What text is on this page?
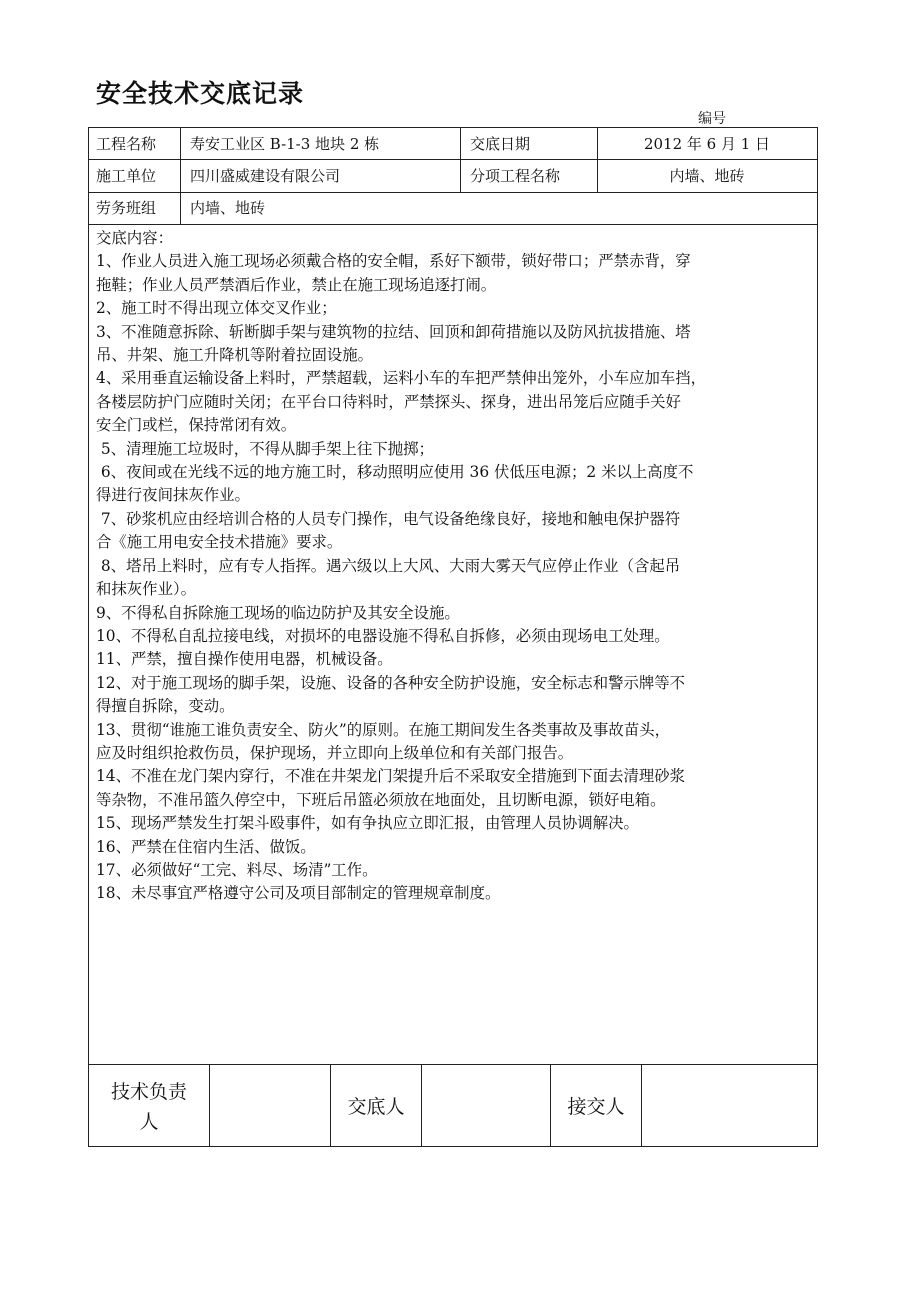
安全技术交底记录
编号
工程名称 寿安工业区 B-1-3 地块 2 栋	交底日期	2012 年 6 月 1 日
施工单位 四川盛威建设有限公司	分项工程名称	内墙、地砖
劳务班组 内墙、地砖
交底内容：
1、作业人员进入施工现场必须戴合格的安全帽，系好下额带，锁好带口；严禁赤背，穿
拖鞋；作业人员严禁酒后作业，禁止在施工现场追逐打闹。
2、施工时不得出现立体交叉作业；
3、不准随意拆除、斩断脚手架与建筑物的拉结、回顶和卸荷措施以及防风抗拔措施、塔
吊、井架、施工升降机等附着拉固设施。
4、采用垂直运输设备上料时，严禁超载，运料小车的车把严禁伸出笼外，小车应加车挡，
各楼层防护门应随时关闭；在平台口待料时，严禁探头、探身，进出吊笼后应随手关好
安全门或栏，保持常闭有效。
5、清理施工垃圾时，不得从脚手架上往下抛掷；
6、夜间或在光线不远的地方施工时，移动照明应使用 36 伏低压电源；2 米以上高度不
得进行夜间抹灰作业。
7、砂浆机应由经培训合格的人员专门操作，电气设备绝缘良好，接地和触电保护器符
合《施工用电安全技术措施》要求。
8、塔吊上料时，应有专人指挥。遇六级以上大风、大雨大雾天气应停止作业（含起吊
和抹灰作业）。
9、不得私自拆除施工现场的临边防护及其安全设施。
10、不得私自乱拉接电线，对损坏的电器设施不得私自拆修，必须由现场电工处理。
11、严禁，擅自操作使用电器，机械设备。
12、对于施工现场的脚手架，设施、设备的各种安全防护设施，安全标志和警示牌等不
得擅自拆除，变动。
13、贯彻“谁施工谁负责安全、防火”的原则。在施工期间发生各类事故及事故苗头，
应及时组织抢救伤员，保护现场，并立即向上级单位和有关部门报告。
14、不准在龙门架内穿行，不准在井架龙门架提升后不采取安全措施到下面去清理砂浆
等杂物，不准吊篮久停空中，下班后吊篮必须放在地面处，且切断电源，锁好电箱。
15、现场严禁发生打架斗殴事件，如有争执应立即汇报，由管理人员协调解决。
16、严禁在住宿内生活、做饭。
17、必须做好“工完、料尽、场清”工作。
18、未尽事宜严格遵守公司及项目部制定的管理规章制度。
技术负责
人
交底人	接交人
